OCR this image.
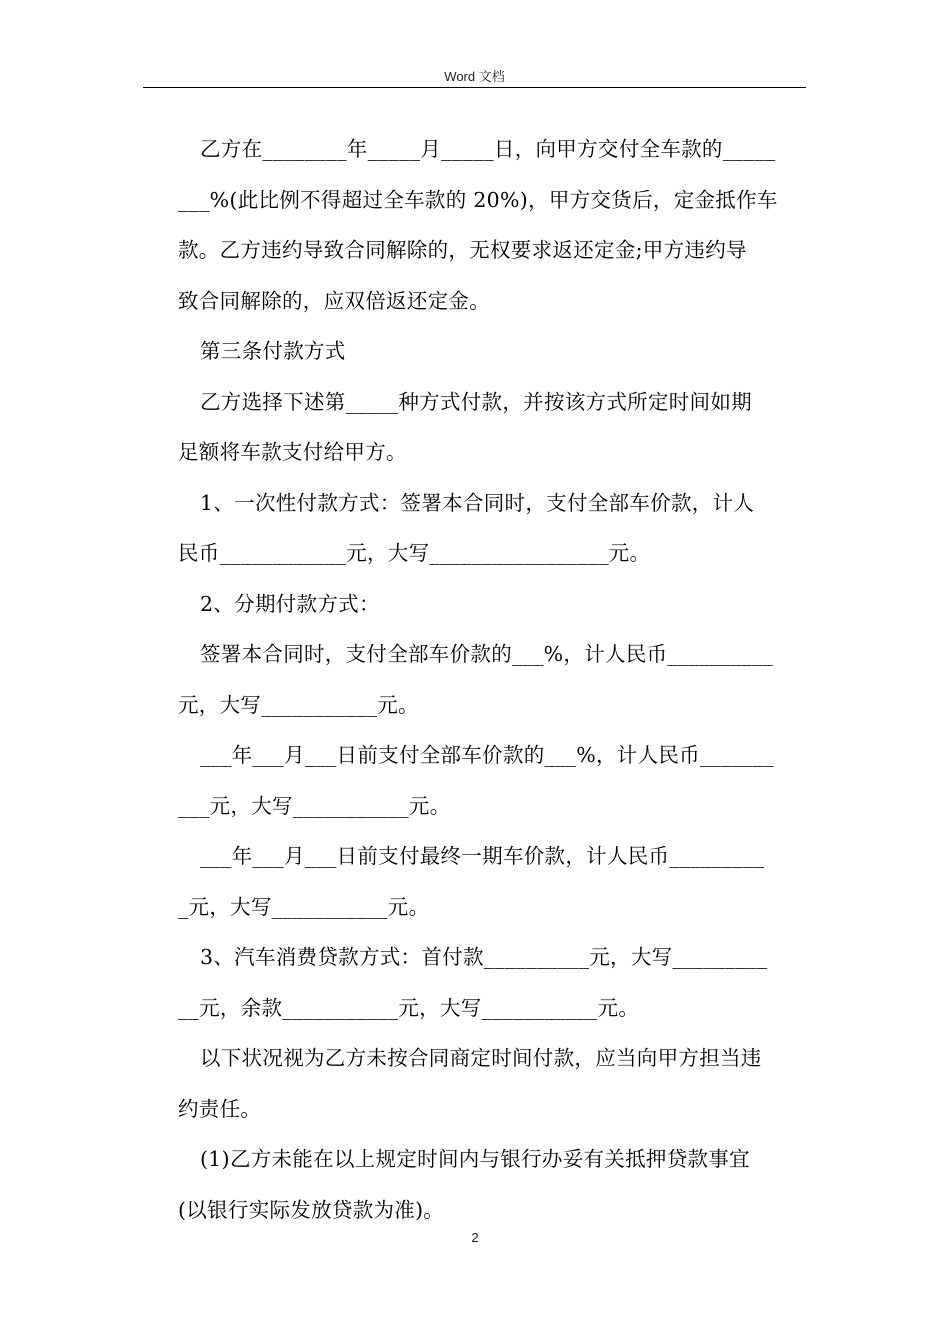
Word 文档
乙方在________年_____月_____日，向甲方交付全车款的_____
___%(此比例不得超过全车款的 20%)，甲方交货后，定金抵作车
款。乙方违约导致合同解除的，无权要求返还定金;甲方违约导
致合同解除的，应双倍返还定金。
第三条付款方式
乙方选择下述第_____种方式付款，并按该方式所定时间如期
足额将车款支付给甲方。
1、一次性付款方式：签署本合同时，支付全部车价款，计人
民币____________元，大写_________________元。
2、分期付款方式：
签署本合同时，支付全部车价款的___%，计人民币__________
元，大写___________元。
___年___月___日前支付全部车价款的___%，计人民币_______
___元，大写___________元。
___年___月___日前支付最终一期车价款，计人民币_________
_元，大写___________元。
3、汽车消费贷款方式：首付款__________元，大写_________
__元，余款___________元，大写___________元。
以下状况视为乙方未按合同商定时间付款，应当向甲方担当违
约责任。
(1)乙方未能在以上规定时间内与银行办妥有关抵押贷款事宜
(以银行实际发放贷款为准)。
2
